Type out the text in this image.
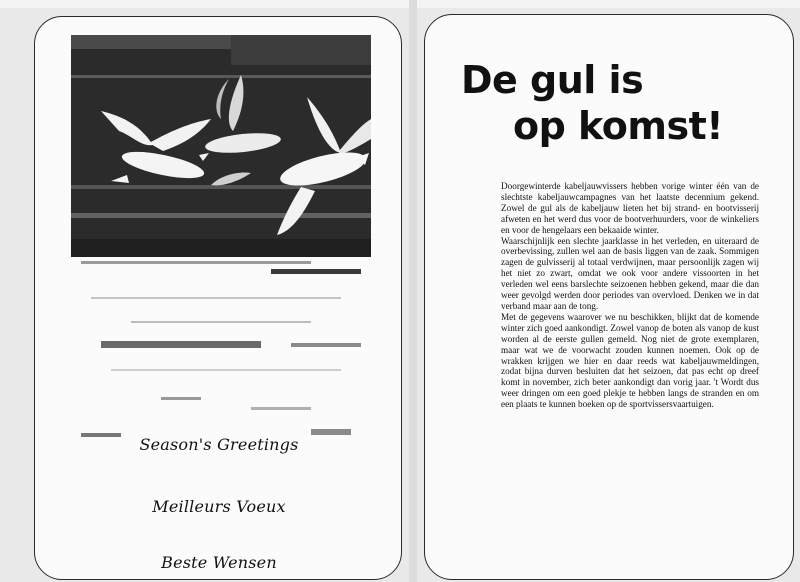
Season's Greetings
Meilleurs Voeux
Beste Wensen
De gul is
op komst!

Doorgewinterde kabeljauwvissers hebben vorige winter één van de slechtste kabeljauwcampagnes van het laatste decennium gekend. Zowel de gul als de kabeljauw lieten het bij strand- en bootvisserij afweten en het werd dus voor de bootverhuurders, voor de winkeliers en voor de hengelaars een bekaaide winter.

Waarschijnlijk een slechte jaarklasse in het verleden, en uiteraard de overbevissing, zullen wel aan de basis liggen van de zaak. Sommigen zagen de gulvisserij al totaal verdwijnen, maar persoonlijk zagen wij het niet zo zwart, omdat we ook voor andere vissoorten in het verleden wel eens barslechte seizoenen hebben gekend, maar die dan weer gevolgd werden door periodes van overvloed. Denken we in dat verband maar aan de tong.

Met de gegevens waarover we nu beschikken, blijkt dat de komende winter zich goed aankondigt. Zowel vanop de boten als vanop de kust worden al de eerste gullen gemeld. Nog niet de grote exemplaren, maar wat we de voorwacht zouden kunnen noemen. Ook op de wrakken krijgen we hier en daar reeds wat kabeljauwmeldingen, zodat bijna durven besluiten dat het seizoen, dat pas echt op dreef komt in november, zich beter aankondigt dan vorig jaar. 't Wordt dus weer dringen om een goed plekje te hebben langs de stranden en om een plaats te kunnen boeken op de sportvissersvaartuigen.
